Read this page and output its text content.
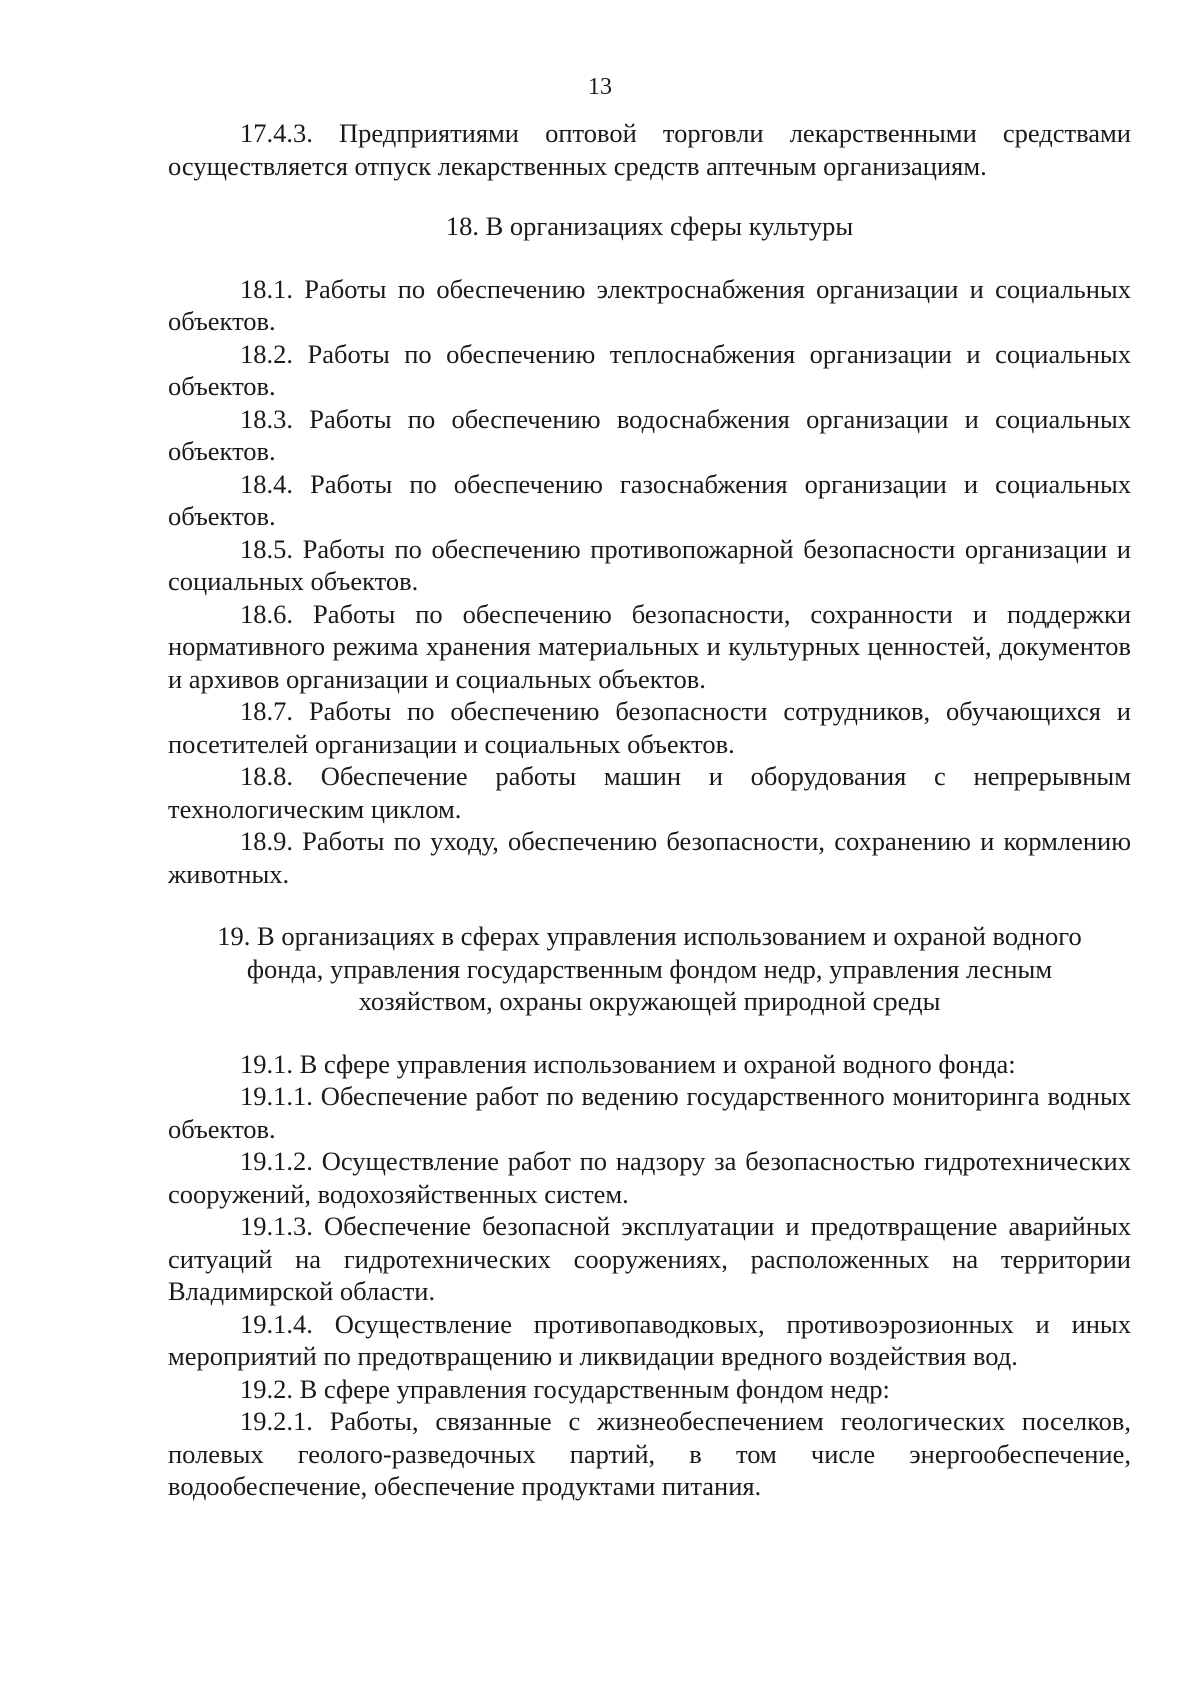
13

17.4.3. Предприятиями оптовой торговли лекарственными средствами осуществляется отпуск лекарственных средств аптечным организациям.

18. В организациях сферы культуры

18.1. Работы по обеспечению электроснабжения организации и социальных объектов.

18.2. Работы по обеспечению теплоснабжения организации и социальных объектов.

18.3. Работы по обеспечению водоснабжения организации и социальных объектов.

18.4. Работы по обеспечению газоснабжения организации и социальных объектов.

18.5. Работы по обеспечению противопожарной безопасности организации и социальных объектов.

18.6. Работы по обеспечению безопасности, сохранности и поддержки нормативного режима хранения материальных и культурных ценностей, документов и архивов организации и социальных объектов.

18.7. Работы по обеспечению безопасности сотрудников, обучающихся и посетителей организации и социальных объектов.

18.8. Обеспечение работы машин и оборудования с непрерывным технологическим циклом.

18.9. Работы по уходу, обеспечению безопасности, сохранению и кормлению животных.

19. В организациях в сферах управления использованием и охраной водного фонда, управления государственным фондом недр, управления лесным хозяйством, охраны окружающей природной среды

19.1. В сфере управления использованием и охраной водного фонда:

19.1.1. Обеспечение работ по ведению государственного мониторинга водных объектов.

19.1.2. Осуществление работ по надзору за безопасностью гидротехнических сооружений, водохозяйственных систем.

19.1.3. Обеспечение безопасной эксплуатации и предотвращение аварийных ситуаций на гидротехнических сооружениях, расположенных на территории Владимирской области.

19.1.4. Осуществление противопаводковых, противоэрозионных и иных мероприятий по предотвращению и ликвидации вредного воздействия вод.

19.2. В сфере управления государственным фондом недр:

19.2.1. Работы, связанные с жизнеобеспечением геологических поселков, полевых геолого-разведочных партий, в том числе энергообеспечение, водообеспечение, обеспечение продуктами питания.
